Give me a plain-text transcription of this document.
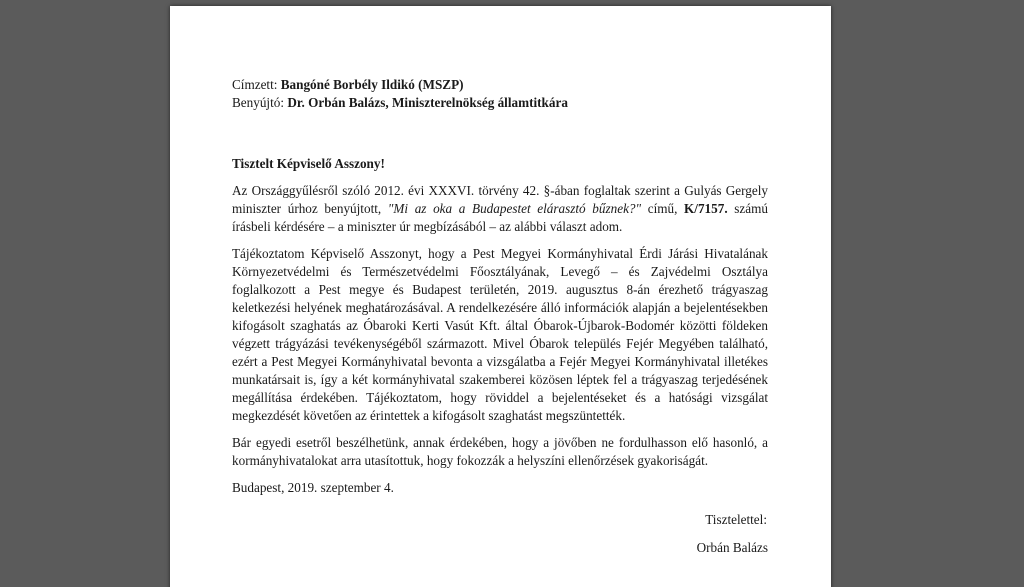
Címzett: Bangóné Borbély Ildikó (MSZP)
Benyújtó: Dr. Orbán Balázs, Miniszterelnökség államtitkára
Tisztelt Képviselő Asszony!

Az Országgyűlésről szóló 2012. évi XXXVI. törvény 42. §-ában foglaltak szerint a Gulyás Gergely miniszter úrhoz benyújtott, "Mi az oka a Budapestet elárasztó bűznek?" című, K/7157. számú írásbeli kérdésére – a miniszter úr megbízásából – az alábbi választ adom.

Tájékoztatom Képviselő Asszonyt, hogy a Pest Megyei Kormányhivatal Érdi Járási Hivatalának Környezetvédelmi és Természetvédelmi Főosztályának, Levegő – és Zajvédelmi Osztálya foglalkozott a Pest megye és Budapest területén, 2019. augusztus 8-án érezhető trágyaszag keletkezési helyének meghatározásával. A rendelkezésére álló információk alapján a bejelentésekben kifogásolt szaghatás az Óbaroki Kerti Vasút Kft. által Óbarok-Újbarok-Bodomér közötti földeken végzett trágyázási tevékenységéből származott. Mivel Óbarok település Fejér Megyében található, ezért a Pest Megyei Kormányhivatal bevonta a vizsgálatba a Fejér Megyei Kormányhivatal illetékes munkatársait is, így a két kormányhivatal szakemberei közösen léptek fel a trágyaszag terjedésének megállítása érdekében. Tájékoztatom, hogy röviddel a bejelentéseket és a hatósági vizsgálat megkezdését követően az érintettek a kifogásolt szaghatást megszüntették.

Bár egyedi esetről beszélhetünk, annak érdekében, hogy a jövőben ne fordulhasson elő hasonló, a kormányhivatalokat arra utasítottuk, hogy fokozzák a helyszíni ellenőrzések gyakoriságát.

Budapest, 2019. szeptember 4.
Tisztelettel:
Orbán Balázs
